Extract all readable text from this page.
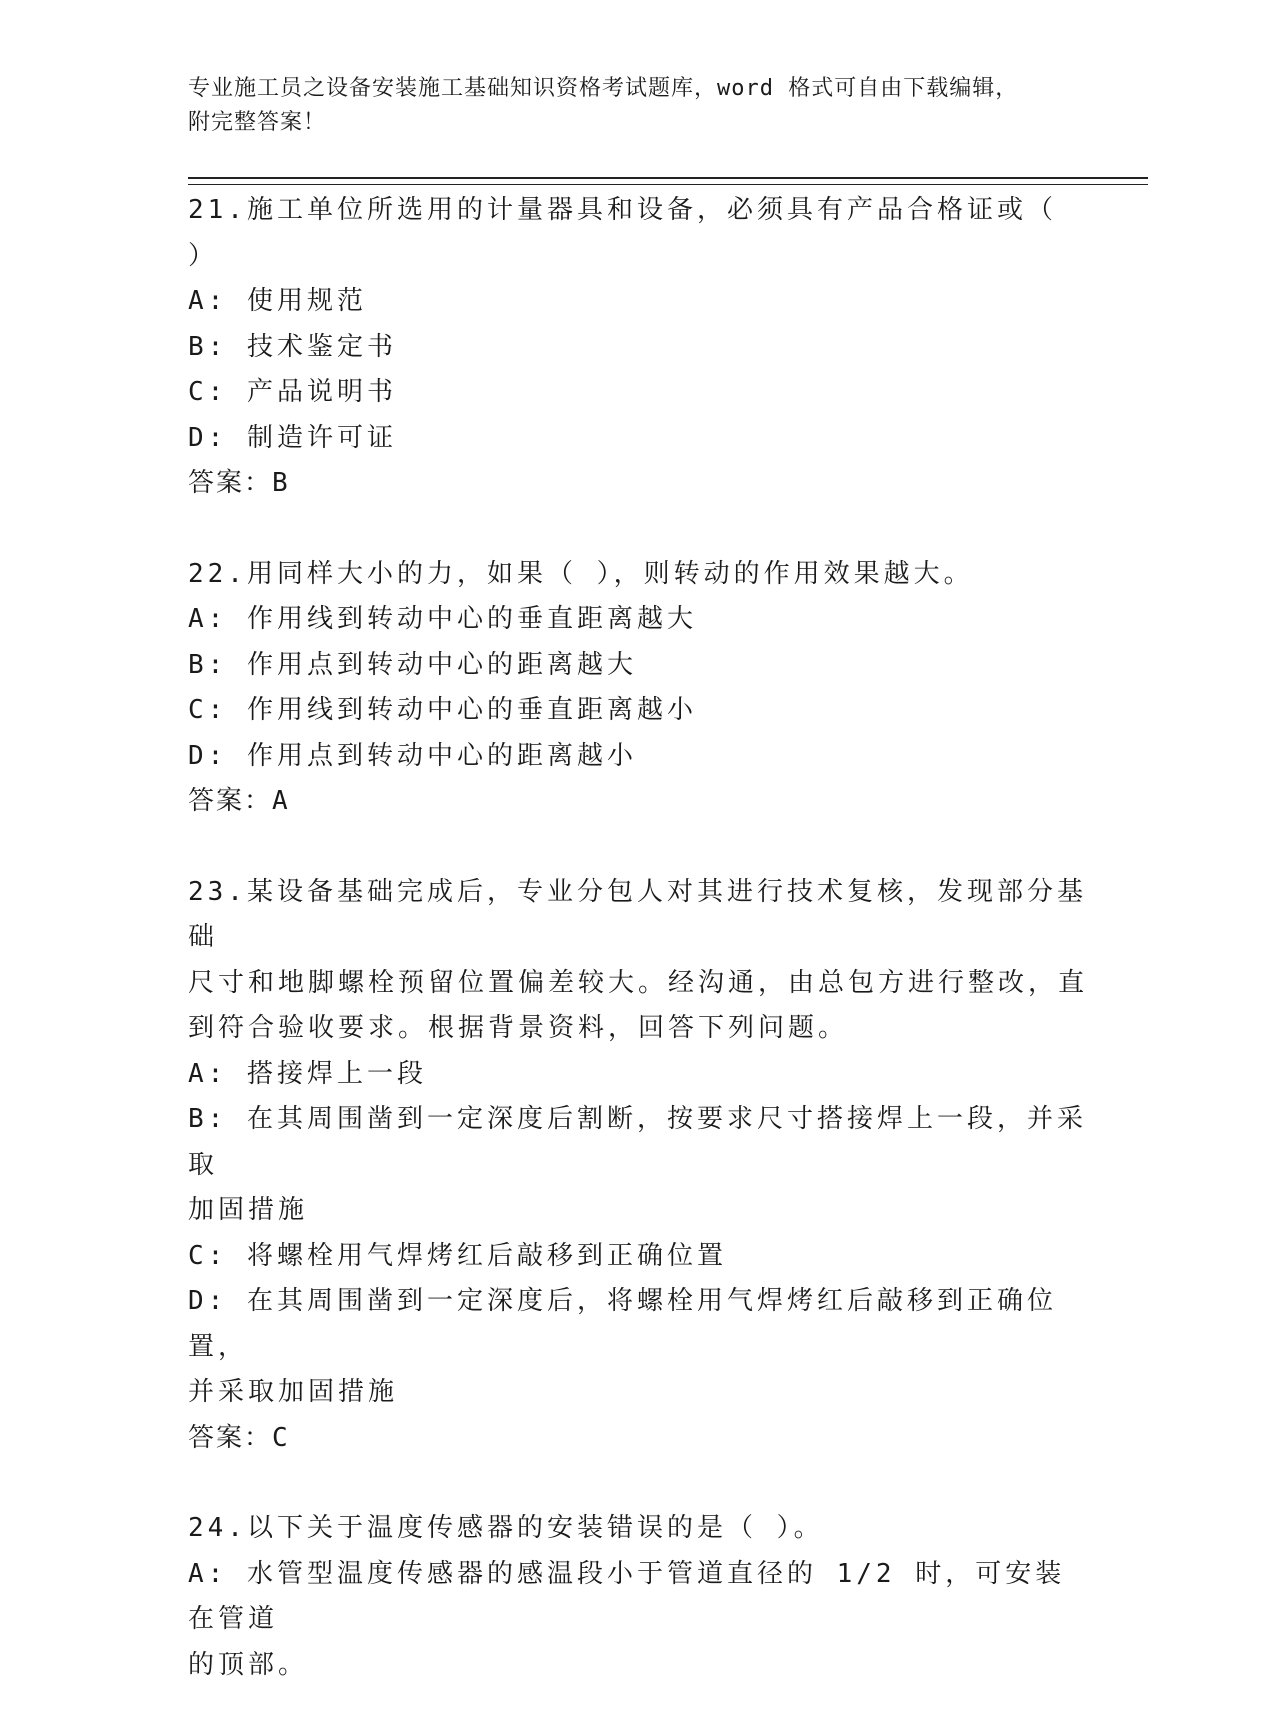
专业施工员之设备安装施工基础知识资格考试题库，word 格式可自由下载编辑，
附完整答案！
21.施工单位所选用的计量器具和设备，必须具有产品合格证或（ ）
A: 使用规范
B: 技术鉴定书
C: 产品说明书
D: 制造许可证
答案：B
22.用同样大小的力，如果（ ），则转动的作用效果越大。
A: 作用线到转动中心的垂直距离越大
B: 作用点到转动中心的距离越大
C: 作用线到转动中心的垂直距离越小
D: 作用点到转动中心的距离越小
答案：A
23.某设备基础完成后，专业分包人对其进行技术复核，发现部分基础
尺寸和地脚螺栓预留位置偏差较大。经沟通，由总包方进行整改，直
到符合验收要求。根据背景资料，回答下列问题。
A: 搭接焊上一段
B: 在其周围凿到一定深度后割断，按要求尺寸搭接焊上一段，并采取
加固措施
C: 将螺栓用气焊烤红后敲移到正确位置
D: 在其周围凿到一定深度后，将螺栓用气焊烤红后敲移到正确位置，
并采取加固措施
答案：C
24.以下关于温度传感器的安装错误的是（ ）。
A: 水管型温度传感器的感温段小于管道直径的 1/2 时，可安装在管道
的顶部。
